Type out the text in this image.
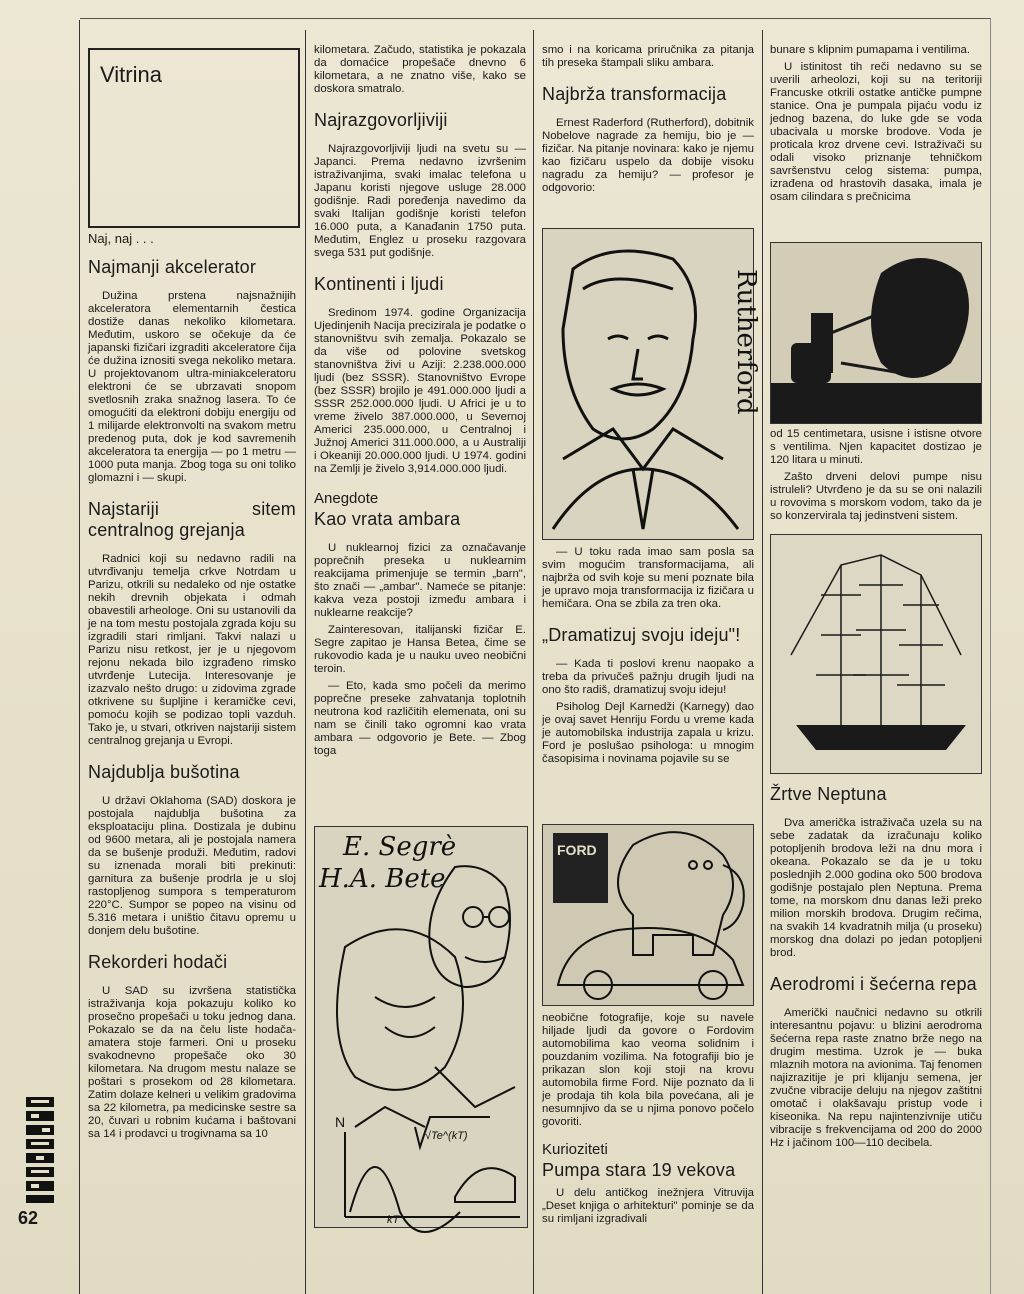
62
Vitrina
Naj, naj . . .
Najmanji akcelerator

Dužina prstena najsnažnijih akceleratora elementarnih čestica dostiže danas nekoliko kilometara. Međutim, uskoro se očekuje da će japanski fizičari izgraditi akceleratore čija će dužina iznositi svega nekoliko metara. U projektovanom ultra-miniakceleratoru elektroni će se ubrzavati snopom svetlosnih zraka snažnog lasera. To će omogućiti da elektroni dobiju energiju od 1 milijarde elektronvolti na svakom metru predenog puta, dok je kod savremenih akceleratora ta energija — po 1 metru — 1000 puta manja. Zbog toga su oni toliko glomazni i — skupi.

Najstariji sitem centralnog grejanja

Radnici koji su nedavno radili na utvrđivanju temelja crkve Notrdam u Parizu, otkrili su nedaleko od nje ostatke nekih drevnih objekata i odmah obavestili arheologe. Oni su ustanovili da je na tom mestu postojala zgrada koju su izgradili stari rimljani. Takvi nalazi u Parizu nisu retkost, jer je u njegovom rejonu nekada bilo izgrađeno rimsko utvrđenje Lutecija. Interesovanje je izazvalo nešto drugo: u zidovima zgrade otkrivene su šupljine i keramičke cevi, pomoću kojih se podizao topli vazduh. Tako je, u stvari, otkriven najstariji sistem centralnog grejanja u Evropi.

Najdublja bušotina

U državi Oklahoma (SAD) doskora je postojala najdublja bušotina za eksploataciju plina. Dostizala je dubinu od 9600 metara, ali je postojala namera da se bušenje produži. Međutim, radovi su iznenada morali biti prekinuti: garnitura za bušenje prodrla je u sloj rastopljenog sumpora s temperaturom 220°C. Sumpor se popeo na visinu od 5.316 metara i uništio čitavu opremu u donjem delu bušotine.

Rekorderi hodači

U SAD su izvršena statistička istraživanja koja pokazuju koliko ko prosečno propešači u toku jednog dana. Pokazalo se da na čelu liste hodača-amatera stoje farmeri. Oni u proseku svakodnevno propešače oko 30 kilometara. Na drugom mestu nalaze se poštari s prosekom od 28 kilometara. Zatim dolaze kelneri u velikim gradovima sa 22 kilometra, pa medicinske sestre sa 20, čuvari u robnim kućama i baštovani sa 14 i prodavci u trogivnama sa 10

kilometara. Začudo, statistika je pokazala da domaćice propešače dnevno 6 kilometara, a ne znatno više, kako se doskora smatralo.

Najrazgovorljiviji

Najrazgovorljiviji ljudi na svetu su — Japanci. Prema nedavno izvršenim istraživanjima, svaki imalac telefona u Japanu koristi njegove usluge 28.000 godišnje. Radi poređenja navedimo da svaki Italijan godišnje koristi telefon 16.000 puta, a Kanađanin 1750 puta. Međutim, Englez u proseku razgovara svega 531 put godišnje.

Kontinenti i ljudi

Sredinom 1974. godine Organizacija Ujedinjenih Nacija precizirala je podatke o stanovništvu svih zemalja. Pokazalo se da više od polovine svetskog stanovništva živi u Aziji: 2.238.000.000 ljudi (bez SSSR). Stanovništvo Evrope (bez SSSR) brojilo je 491.000.000 ljudi a SSSR 252.000.000 ljudi. U Africi je u to vreme živelo 387.000.000, u Severnoj Americi 235.000.000, u Centralnoj i Južnoj Americi 311.000.000, a u Australiji i Okeaniji 20.000.000 ljudi. U 1974. godini na Zemlji je živelo 3,914.000.000 ljudi.

Anegdote
Kao vrata ambara

U nuklearnoj fizici za označavanje poprečnih preseka u nuklearnim reakcijama primenjuje se termin „barn", što znači — „ambar". Nameće se pitanje: kakva veza postoji između ambara i nuklearne reakcije?

Zainteresovan, italijanski fizičar E. Segre zapitao je Hansa Betea, čime se rukovodio kada je u nauku uveo neobični teroin.

— Eto, kada smo počeli da merimo poprečne preseke zahvatanja toplotnih neutrona kod različitih elemenata, oni su nam se činili tako ogromni kao vrata ambara — odgovorio je Bete. — Zbog toga

E. Segrè
H.A. Bete
N
√Te^(kT)
kT

smo i na koricama priručnika za pitanja tih preseka štampali sliku ambara.

Najbrža transformacija

Ernest Raderford (Rutherford), dobitnik Nobelove nagrade za hemiju, bio je — fizičar. Na pitanje novinara: kako je njemu kao fizičaru uspelo da dobije visoku nagradu za hemiju? — profesor je odgovorio:

Rutherford

— U toku rada imao sam posla sa svim mogućim transformacijama, ali najbrža od svih koje su meni poznate bila je upravo moja transformacija iz fizičara u hemičara. Ona se zbila za tren oka.

„Dramatizuj svoju ideju"!

— Kada ti poslovi krenu naopako a treba da privučeš pažnju drugih ljudi na ono što radiš, dramatizuj svoju ideju!

Psiholog Dejl Karnedži (Karnegy) dao je ovaj savet Henriju Fordu u vreme kada je automobilska industrija zapala u krizu. Ford je poslušao psihologa: u mnogim časopisima i novinama pojavile su se

FORD

neobične fotografije, koje su navele hiljade ljudi da govore o Fordovim automobilima kao veoma solidnim i pouzdanim vozilima. Na fotografiji bio je prikazan slon koji stoji na krovu automobila firme Ford. Nije poznato da li je prodaja tih kola bila povećana, ali je nesumnjivo da se u njima ponovo počelo govoriti.

Kurioziteti
Pumpa stara 19 vekova

U delu antičkog inežnjera Vitruvija „Deset knjiga o arhitekturi" pominje se da su rimljani izgradivali

bunare s klipnim pumapama i ventilima.

U istinitost tih reči nedavno su se uverili arheolozi, koji su na teritoriji Francuske otkrili ostatke antičke pumpne stanice. Ona je pumpala pijaću vodu iz jednog bazena, do luke gde se voda ubacivala u morske brodove. Voda je proticala kroz drvene cevi. Istraživači su odali visoko priznanje tehničkom savršenstvu celog sistema: pumpa, izrađena od hrastovih dasaka, imala je osam cilindara s prečnicima

od 15 centimetara, usisne i istisne otvore s ventilima. Njen kapacitet dostizao je 120 litara u minuti.

Zašto drveni delovi pumpe nisu istruleli? Utvrđeno je da su se oni nalazili u rovovima s morskom vodom, tako da je so konzervirala taj jedinstveni sistem.

Žrtve Neptuna

Dva američka istraživača uzela su na sebe zadatak da izračunaju koliko potopljenih brodova leži na dnu mora i okeana. Pokazalo se da je u toku poslednjih 2.000 godina oko 500 brodova godišnje postajalo plen Neptuna. Prema tome, na morskom dnu danas leži preko milion morskih brodova. Drugim rečima, na svakih 14 kvadratnih milja (u proseku) morskog dna dolazi po jedan potopljeni brod.

Aerodromi i šećerna repa

Američki naučnici nedavno su otkrili interesantnu pojavu: u blizini aerodroma šećerna repa raste znatno brže nego na drugim mestima. Uzrok je — buka mlaznih motora na avionima. Taj fenomen najizrazitije je pri klijanju semena, jer zvučne vibracije deluju na njegov zaštitni omotač i olakšavaju pristup vode i kiseonika. Na repu najintenzivnije utiču vibracije s frekvencijama od 200 do 2000 Hz i jačinom 100—110 decibela.
